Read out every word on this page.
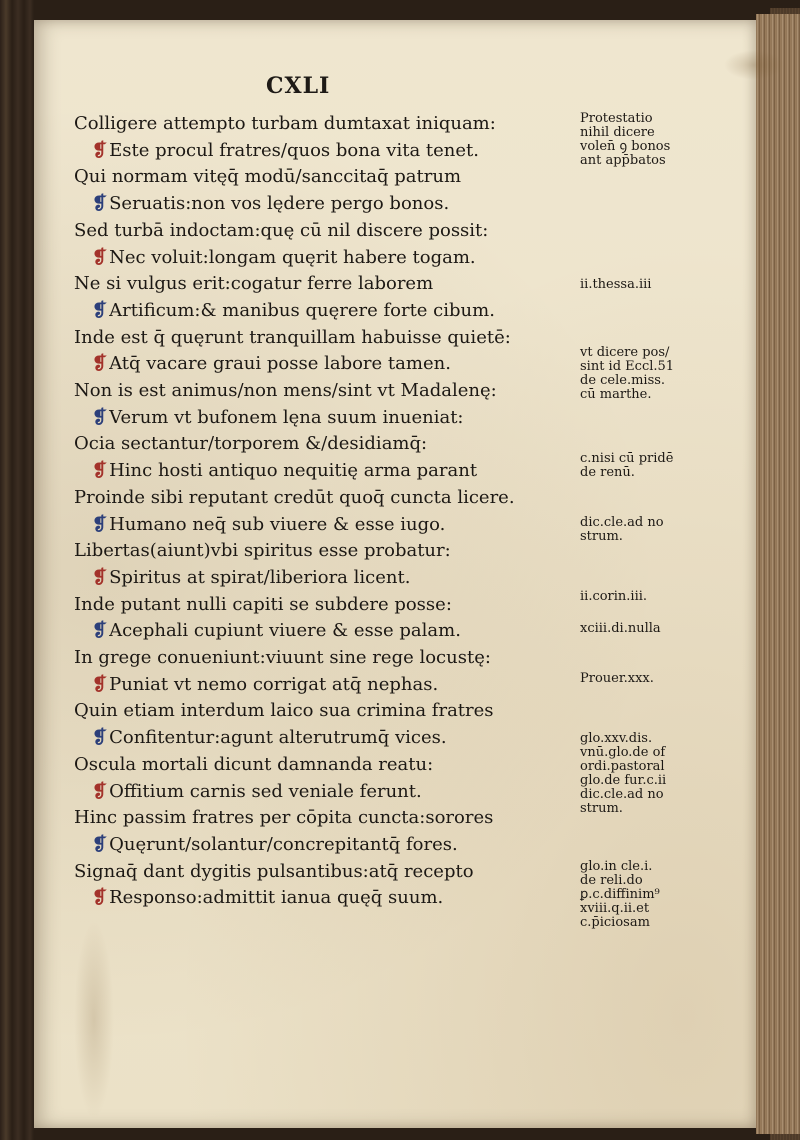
CXLI
Colligere attempto turbam dumtaxat iniquam:
❡ Este procul fratres/quos bona vita tenet.
Qui normam vitęq̄ modū/sanccitaq̄ patrum
❡ Seruatis:non vos lędere pergo bonos.
Sed turbā indoctam:quę cū nil discere possit:
❡ Nec voluit:longam quęrit habere togam.
Ne si vulgus erit:cogatur ferre laborem
❡ Artificum:& manibus quęrere forte cibum.
Inde est q̄ quęrunt tranquillam habuisse quietē:
❡ Atq̄ vacare graui posse labore tamen.
Non is est animus/non mens/sint vt Madalenę:
❡ Verum vt bufonem lęna suum inueniat:
Ocia sectantur/torporem &/desidiamq̄:
❡ Hinc hosti antiquo nequitię arma parant
Proinde sibi reputant credūt quoq̄ cuncta licere.
❡ Humano neq̄ sub viuere & esse iugo.
Libertas(aiunt)vbi spiritus esse probatur:
❡ Spiritus at spirat/liberiora licent.
Inde putant nulli capiti se subdere posse:
❡ Acephali cupiunt viuere & esse palam.
In grege conueniunt:viuunt sine rege locustę:
❡ Puniat vt nemo corrigat atq̄ nephas.
Quin etiam interdum laico sua crimina fratres
❡ Confitentur:agunt alterutrumq̄ vices.
Oscula mortali dicunt damnanda reatu:
❡ Offitium carnis sed veniale ferunt.
Hinc passim fratres per cōpita cuncta:sorores
❡ Quęrunt/solantur/concrepitantq̄ fores.
Signaq̄ dant dygitis pulsantibus:atq̄ recepto
❡ Responso:admittit ianua quęq̄ suum.
Protestatio
nihil dicere
volen̄ ꝯ bonos
ant app̄batos
ii.thessa.iii
vt dicere pos/
sint id Eccl.51
de cele.miss.
cū marthe.
c.nisi cū pridē
de renū.
dic.cle.ad no
strum.
ii.corin.iii.
xciii.di.nulla
Prouer.xxx.
glo.xxv.dis.
vnū.glo.de of
ordi.pastoral
glo.de fur.c.ii
dic.cle.ad no
strum.
glo.in cle.i.
de reli.do
ꝑ.c.diffinim⁹
xviii.q.ii.et
c.p̄iciosam
